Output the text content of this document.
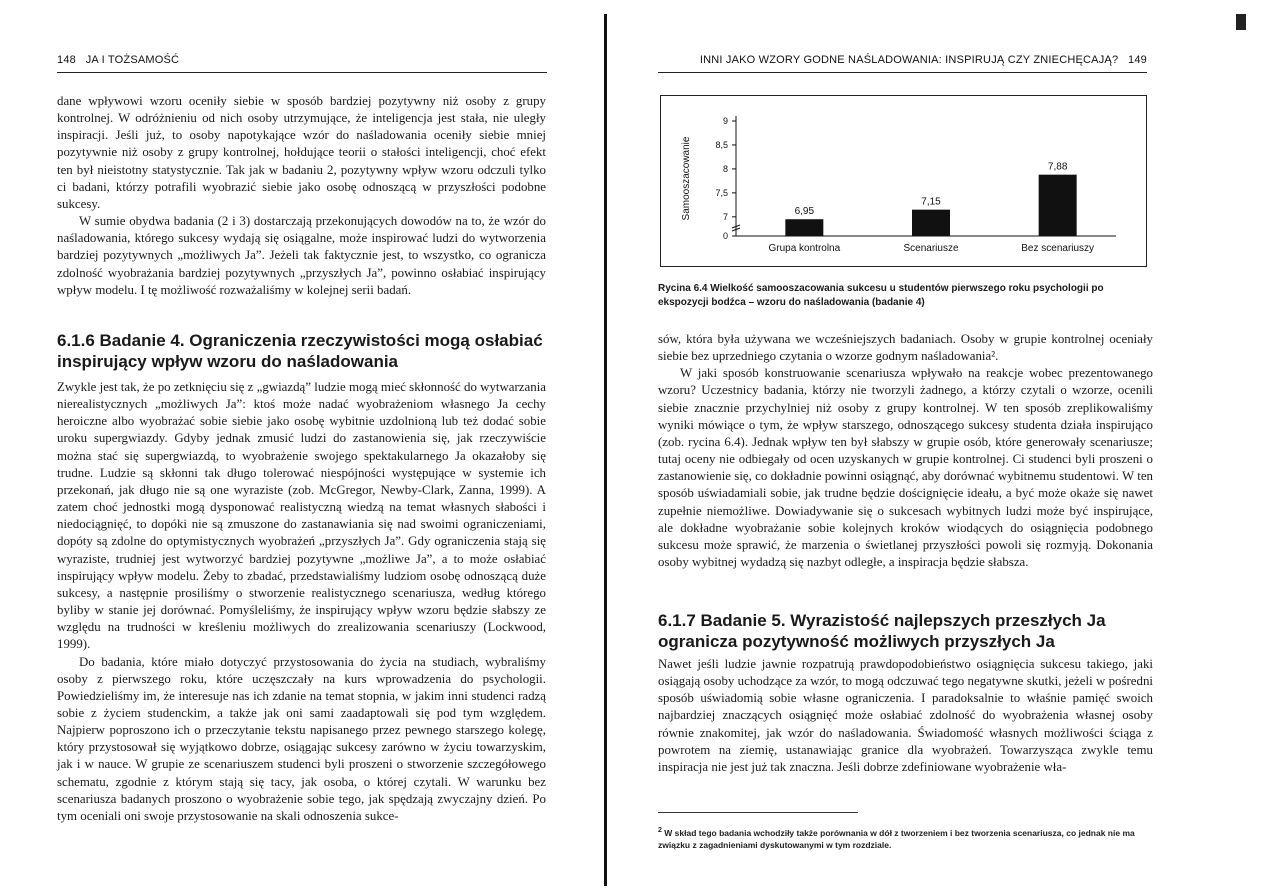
148 JA I TOŻSAMOŚĆ

dane wpływowi wzoru oceniły siebie w sposób bardziej pozytywny niż osoby z grupy kontrolnej. W odróżnieniu od nich osoby utrzymujące, że inteligencja jest stała, nie uległy inspiracji. Jeśli już, to osoby napotykające wzór do naśladowania oceniły siebie mniej pozytywnie niż osoby z grupy kontrolnej, hołdujące teorii o stałości inteligencji, choć efekt ten był nieistotny statystycznie. Tak jak w badaniu 2, pozytywny wpływ wzoru odczuli tylko ci badani, którzy potrafili wyobrazić siebie jako osobę odnoszącą w przyszłości podobne sukcesy.

W sumie obydwa badania (2 i 3) dostarczają przekonujących dowodów na to, że wzór do naśladowania, którego sukcesy wydają się osiągalne, może inspirować ludzi do wytworzenia bardziej pozytywnych „możliwych Ja”. Jeżeli tak faktycznie jest, to wszystko, co ogranicza zdolność wyobrażania bardziej pozytywnych „przyszłych Ja”, powinno osłabiać inspirujący wpływ modelu. I tę możliwość rozważaliśmy w kolejnej serii badań.

6.1.6 Badanie 4. Ograniczenia rzeczywistości mogą osłabiać inspirujący wpływ wzoru do naśladowania

Zwykle jest tak, że po zetknięciu się z „gwiazdą” ludzie mogą mieć skłonność do wytwarzania nierealistycznych „możliwych Ja”: ktoś może nadać wyobrażeniom własnego Ja cechy heroiczne albo wyobrażać sobie siebie jako osobę wybitnie uzdolnioną lub też dodać sobie uroku supergwiazdy. Gdyby jednak zmusić ludzi do zastanowienia się, jak rzeczywiście można stać się supergwiazdą, to wyobrażenie swojego spektakularnego Ja okazałoby się trudne. Ludzie są skłonni tak długo tolerować niespójności występujące w systemie ich przekonań, jak długo nie są one wyraziste (zob. McGregor, Newby-Clark, Zanna, 1999). A zatem choć jednostki mogą dysponować realistyczną wiedzą na temat własnych słabości i niedociągnięć, to dopóki nie są zmuszone do zastanawiania się nad swoimi ograniczeniami, dopóty są zdolne do optymistycznych wyobrażeń „przyszłych Ja”. Gdy ograniczenia stają się wyraziste, trudniej jest wytworzyć bardziej pozytywne „możliwe Ja”, a to może osłabiać inspirujący wpływ modelu. Żeby to zbadać, przedstawialiśmy ludziom osobę odnoszącą duże sukcesy, a następnie prosiliśmy o stworzenie realistycznego scenariusza, według którego byliby w stanie jej dorównać. Pomyśleliśmy, że inspirujący wpływ wzoru będzie słabszy ze względu na trudności w kreśleniu możliwych do zrealizowania scenariuszy (Lockwood, 1999).

Do badania, które miało dotyczyć przystosowania do życia na studiach, wybraliśmy osoby z pierwszego roku, które uczęszczały na kurs wprowadzenia do psychologii. Powiedzieliśmy im, że interesuje nas ich zdanie na temat stopnia, w jakim inni studenci radzą sobie z życiem studenckim, a także jak oni sami zaadaptowali się pod tym względem. Najpierw poproszono ich o przeczytanie tekstu napisanego przez pewnego starszego kolegę, który przystosował się wyjątkowo dobrze, osiągając sukcesy zarówno w życiu towarzyskim, jak i w nauce. W grupie ze scenariuszem studenci byli proszeni o stworzenie szczegółowego schematu, zgodnie z którym stają się tacy, jak osoba, o której czytali. W warunku bez scenariusza badanych proszono o wyobrażenie sobie tego, jak spędzają zwyczajny dzień. Po tym oceniali oni swoje przystosowanie na skali odnoszenia sukce-

INNI JAKO WZORY GODNE NAŚLADOWANIA: INSPIRUJĄ CZY ZNIECHĘCAJĄ? 149
0
7
7,5
8
8,5
9
Samooszacowanie	6,95
Grupa kontrolna
7,15
Scenariusze
7,88
Bez scenariuszy
Rycina 6.4 Wielkość samooszacowania sukcesu u studentów pierwszego roku psychologii po ekspozycji bodźca – wzoru do naśladowania (badanie 4)

sów, która była używana we wcześniejszych badaniach. Osoby w grupie kontrolnej oceniały siebie bez uprzedniego czytania o wzorze godnym naśladowania².

W jaki sposób konstruowanie scenariusza wpływało na reakcje wobec prezentowanego wzoru? Uczestnicy badania, którzy nie tworzyli żadnego, a którzy czytali o wzorze, ocenili siebie znacznie przychylniej niż osoby z grupy kontrolnej. W ten sposób zreplikowaliśmy wyniki mówiące o tym, że wpływ starszego, odnoszącego sukcesy studenta działa inspirująco (zob. rycina 6.4). Jednak wpływ ten był słabszy w grupie osób, które generowały scenariusze; tutaj oceny nie odbiegały od ocen uzyskanych w grupie kontrolnej. Ci studenci byli proszeni o zastanowienie się, co dokładnie powinni osiągnąć, aby dorównać wybitnemu studentowi. W ten sposób uświadamiali sobie, jak trudne będzie doścignięcie ideału, a być może okaże się nawet zupełnie niemożliwe. Dowiadywanie się o sukcesach wybitnych ludzi może być inspirujące, ale dokładne wyobrażanie sobie kolejnych kroków wiodących do osiągnięcia podobnego sukcesu może sprawić, że marzenia o świetlanej przyszłości powoli się rozmyją. Dokonania osoby wybitnej wydadzą się nazbyt odległe, a inspiracja będzie słabsza.

6.1.7 Badanie 5. Wyrazistość najlepszych przeszłych Ja ogranicza pozytywność możliwych przyszłych Ja

Nawet jeśli ludzie jawnie rozpatrują prawdopodobieństwo osiągnięcia sukcesu takiego, jaki osiągają osoby uchodzące za wzór, to mogą odczuwać tego negatywne skutki, jeżeli w pośredni sposób uświadomią sobie własne ograniczenia. I paradoksalnie to właśnie pamięć swoich najbardziej znaczących osiągnięć może osłabiać zdolność do wyobrażenia własnej osoby równie znakomitej, jak wzór do naśladowania. Świadomość własnych możliwości ściąga z powrotem na ziemię, ustanawiając granice dla wyobrażeń. Towarzysząca zwykle temu inspiracja nie jest już tak znaczna. Jeśli dobrze zdefiniowane wyobrażenie wła-

$^2$ W skład tego badania wchodziły także porównania w dół z tworzeniem i bez tworzenia scenariusza, co jednak nie ma związku z zagadnieniami dyskutowanymi w tym rozdziale.
